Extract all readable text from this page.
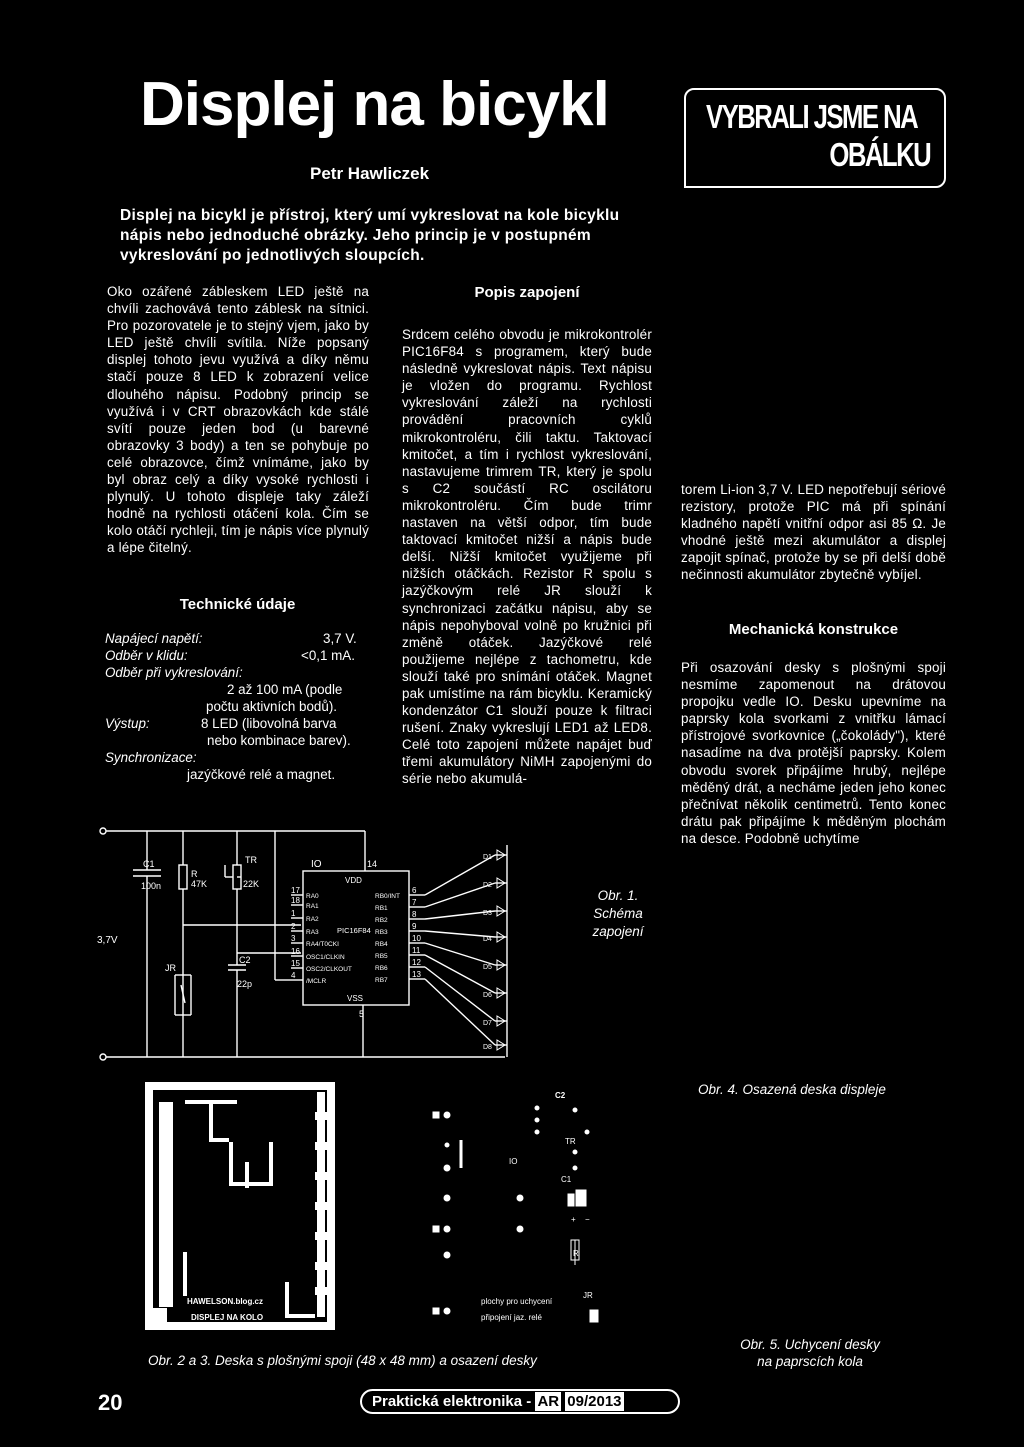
Displej na bicykl
Petr Hawliczek
VYBRALI JSME NA
OBÁLKU
Displej na bicykl je přístroj, který umí vykreslovat na kole bicyklu nápis nebo jednoduché obrázky. Jeho princip je v postupném vykreslování po jednotlivých sloupcích.
Oko ozářené zábleskem LED ještě na chvíli zachovává tento záblesk na sítnici. Pro pozorovatele je to stejný vjem, jako by LED ještě chvíli svítila. Níže popsaný displej tohoto jevu využívá a díky němu stačí pouze 8 LED k zobrazení velice dlouhého nápisu. Podobný princip se využívá i v CRT obrazovkách kde stálé svítí pouze jeden bod (u barevné obrazovky 3 body) a ten se pohybuje po celé obrazovce, čímž vnímáme, jako by byl obraz celý a díky vysoké rychlosti i plynulý. U tohoto displeje taky záleží hodně na rychlosti otáčení kola. Čím se kolo otáčí rychleji, tím je nápis více plynulý a lépe čitelný.
Technické údaje
Napájecí napětí:	3,7 V.
Odběr v klidu:	<0,1 mA.
Odběr při vykreslování:
2 až 100 mA (podle
počtu aktivních bodů).
Výstup:	8 LED (libovolná barva
nebo kombinace barev).
Synchronizace:
jazýčkové relé a magnet.
Popis zapojení
Srdcem celého obvodu je mikrokontrolér PIC16F84 s programem, který bude následně vykreslovat nápis. Text nápisu je vložen do programu. Rychlost vykreslování záleží na rychlosti provádění pracovních cyklů mikrokontroléru, čili taktu. Taktovací kmitočet, a tím i rychlost vykreslování, nastavujeme trimrem TR, který je spolu s C2 součástí RC oscilátoru mikrokontroléru. Čím bude trimr nastaven na větší odpor, tím bude taktovací kmitočet nižší a nápis bude delší. Nižší kmitočet využijeme při nižších otáčkách. Rezistor R spolu s jazýčkovým relé JR slouží k synchronizaci začátku nápisu, aby se nápis nepohyboval volně po kružnici při změně otáček. Jazýčkové relé použijeme nejlépe z tachometru, kde slouží také pro snímání otáček. Magnet pak umístíme na rám bicyklu. Keramický kondenzátor C1 slouží pouze k filtraci rušení. Znaky vykreslují LED1 až LED8. Celé toto zapojení můžete napájet buď třemi akumulátory NiMH zapojenými do série nebo akumulá-
torem Li-ion 3,7 V. LED nepotřebují sériové rezistory, protože PIC má při spínání kladného napětí vnitřní odpor asi 85 Ω. Je vhodné ještě mezi akumulátor a displej zapojit spínač, protože by se při delší době nečinnosti akumulátor zbytečně vybíjel.
Mechanická konstrukce
Při osazování desky s plošnými spoji nesmíme zapomenout na drátovou propojku vedle IO. Desku upevníme na paprsky kola svorkami z vnitřku lámací přístrojové svorkovnice („čokolády"), které nasadíme na dva protější paprsky. Kolem obvodu svorek připájíme hrubý, nejlépe měděný drát, a necháme jeden jeho konec přečnívat několik centimetrů. Tento konec drátu pak připájíme k měděným plochám na desce. Podobně uchytíme
3,7V
C1
100n
R
47K
TR
22K
JR
C2
22p
IO	14
VDD
VSS
5
PIC16F84
17
18
1
2
3
16
15
4
RA0
RA1
RA2
RA3
RA4/T0CKI
OSC1/CLKIN
OSC2/CLKOUT
/MCLR
RB0/INT
RB1
RB2
RB3
RB4
RB5
RB6
RB7
6
7
8
9
10
11
12
13
D1
D2
D3
D4
D5
D6
D7
D8
Obr. 1.
Schéma
zapojení
HAWELSON.blog.cz
DISPLEJ NA KOLO
C2
TR
IO
C1
+ −
R
JR
plochy pro uchycení
připojení jaz. relé
Obr. 4. Osazená deska displeje
Obr. 2 a 3. Deska s plošnými spoji (48 x 48 mm) a osazení desky
Obr. 5. Uchycení desky
na paprscích kola
20	Praktická elektronika - AR 09/2013
